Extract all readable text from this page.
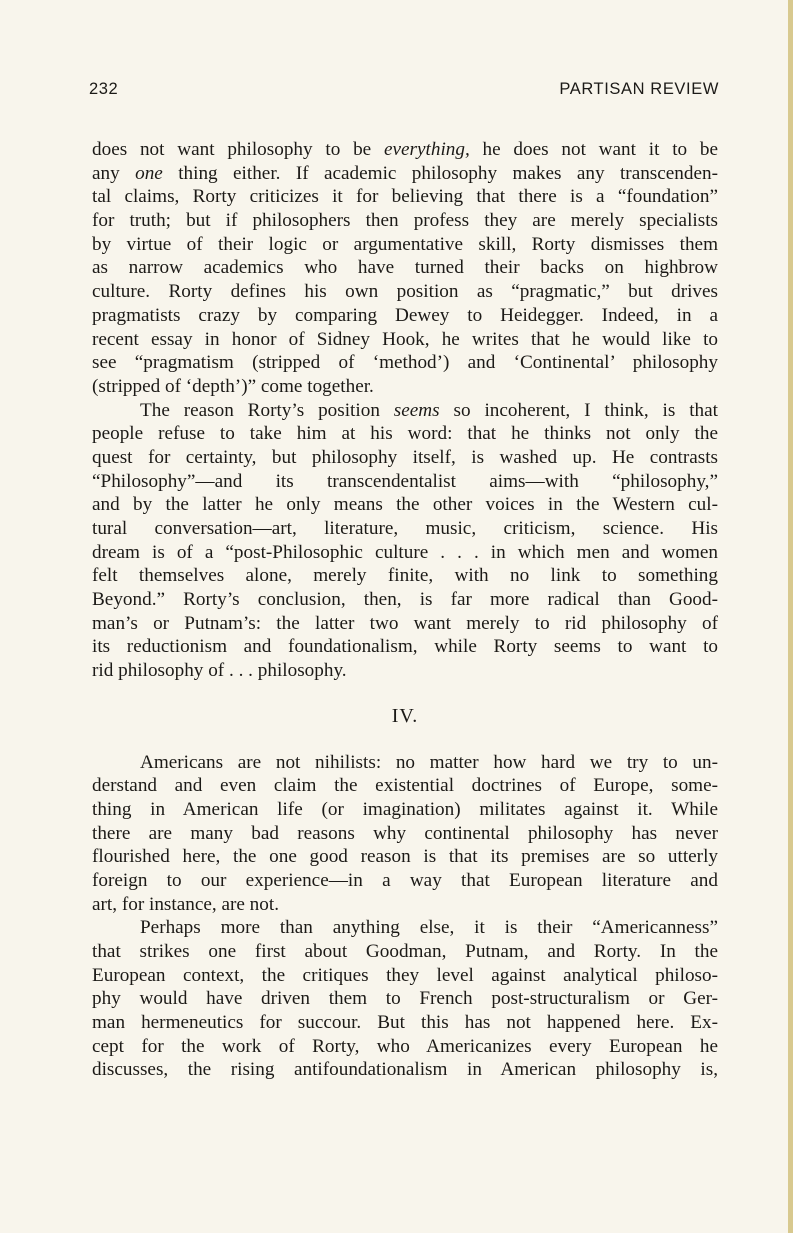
232	PARTISAN REVIEW
does not want philosophy to be everything, he does not want it to be
any one thing either. If academic philosophy makes any transcenden-
tal claims, Rorty criticizes it for believing that there is a “foundation”
for truth; but if philosophers then profess they are merely specialists
by virtue of their logic or argumentative skill, Rorty dismisses them
as narrow academics who have turned their backs on highbrow
culture. Rorty defines his own position as “pragmatic,” but drives
pragmatists crazy by comparing Dewey to Heidegger. Indeed, in a
recent essay in honor of Sidney Hook, he writes that he would like to
see “pragmatism (stripped of ‘method’) and ‘Continental’ philosophy
(stripped of ‘depth’)” come together.
The reason Rorty’s position seems so incoherent, I think, is that
people refuse to take him at his word: that he thinks not only the
quest for certainty, but philosophy itself, is washed up. He contrasts
“Philosophy”—and its transcendentalist aims—with “philosophy,”
and by the latter he only means the other voices in the Western cul-
tural conversation—art, literature, music, criticism, science. His
dream is of a “post-Philosophic culture . . . in which men and women
felt themselves alone, merely finite, with no link to something
Beyond.” Rorty’s conclusion, then, is far more radical than Good-
man’s or Putnam’s: the latter two want merely to rid philosophy of
its reductionism and foundationalism, while Rorty seems to want to
rid philosophy of . . . philosophy.
IV.
Americans are not nihilists: no matter how hard we try to un-
derstand and even claim the existential doctrines of Europe, some-
thing in American life (or imagination) militates against it. While
there are many bad reasons why continental philosophy has never
flourished here, the one good reason is that its premises are so utterly
foreign to our experience—in a way that European literature and
art, for instance, are not.
Perhaps more than anything else, it is their “Americanness”
that strikes one first about Goodman, Putnam, and Rorty. In the
European context, the critiques they level against analytical philoso-
phy would have driven them to French post-structuralism or Ger-
man hermeneutics for succour. But this has not happened here. Ex-
cept for the work of Rorty, who Americanizes every European he
discusses, the rising antifoundationalism in American philosophy is,
